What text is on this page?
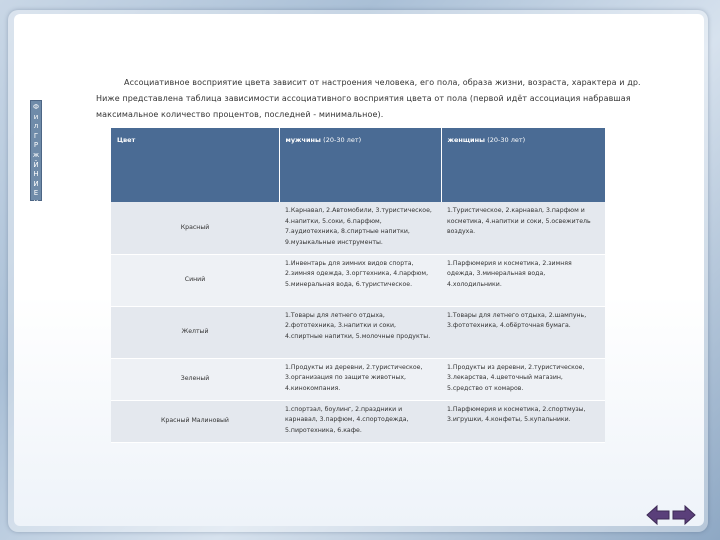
Ф
и
л
Г
Р
ж
Й
Н
И
Е
К
Ассоциативное восприятие цвета зависит от настроения человека, его пола, образа жизни, возраста, характера и др. Ниже представлена таблица зависимости ассоциативного восприятия цвета от пола (первой идёт ассоциация набравшая максимальное количество процентов, последней - минимальное).
Цвет	мужчины (20-30 лет)	женщины (20-30 лет)
Красный	1.Карнавал, 2.Автомобили, 3.туристическое, 4.напитки, 5.соки, 6.парфюм, 7.аудиотехника, 8.спиртные напитки, 9.музыкальные инструменты.	1.Туристическое, 2.карнавал, 3.парфюм и косметика, 4.напитки и соки, 5.освежитель воздуха.
Синий	1.Инвентарь для зимних видов спорта, 2.зимняя одежда, 3.оргтехника, 4.парфюм, 5.минеральная вода, 6.туристическое.	1.Парфюмерия и косметика, 2.зимняя одежда, 3.минеральная вода, 4.холодильники.
Желтый	1.Товары для летнего отдыха, 2.фототехника, 3.напитки и соки, 4.спиртные напитки, 5.молочные продукты.	1.Товары для летнего отдыха, 2.шампунь, 3.фототехника, 4.обёрточная бумага.
Зеленый	1.Продукты из деревни, 2.туристическое, 3.организация по защите животных, 4.кинокомпания.	1.Продукты из деревни, 2.туристическое, 3.лекарства, 4.цветочный магазин, 5.средство от комаров.
Красный Малиновый	1.спортзал, боулинг, 2.праздники и карнавал, 3.парфюм, 4.спортодежда, 5.пиротехника, 6.кафе.	1.Парфюмерия и косметика, 2.спортмузы, 3.игрушки, 4.конфеты, 5.купальники.
